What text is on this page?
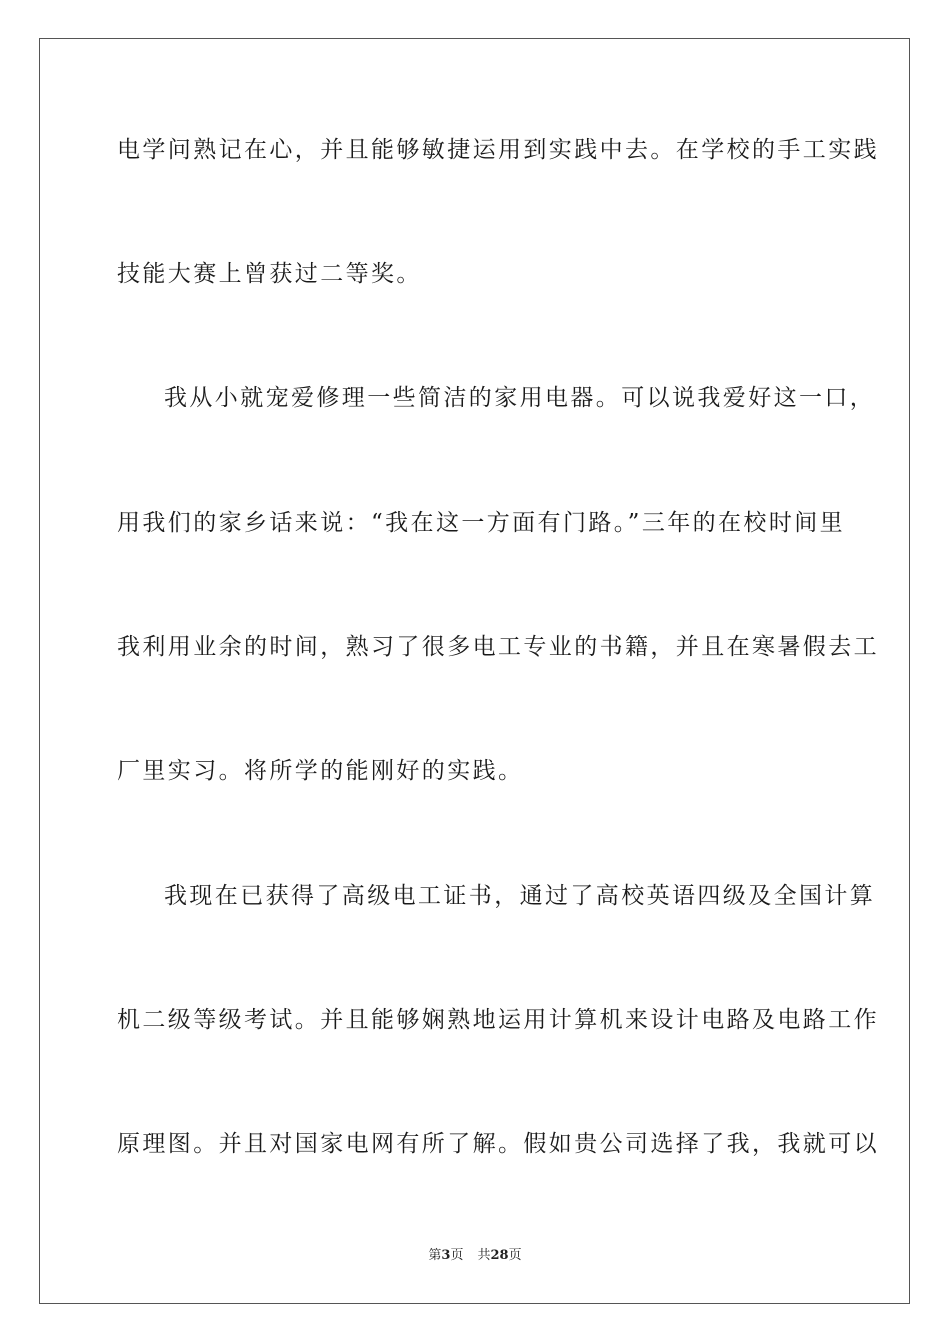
电学问熟记在心，并且能够敏捷运用到实践中去。在学校的手工实践
技能大赛上曾获过二等奖。
我从小就宠爱修理一些简洁的家用电器。可以说我爱好这一口，
用我们的家乡话来说：“我在这一方面有门路。”三年的在校时间里
我利用业余的时间，熟习了很多电工专业的书籍，并且在寒暑假去工
厂里实习。将所学的能刚好的实践。
我现在已获得了高级电工证书，通过了高校英语四级及全国计算
机二级等级考试。并且能够娴熟地运用计算机来设计电路及电路工作
原理图。并且对国家电网有所了解。假如贵公司选择了我，我就可以
第3页 共28页
